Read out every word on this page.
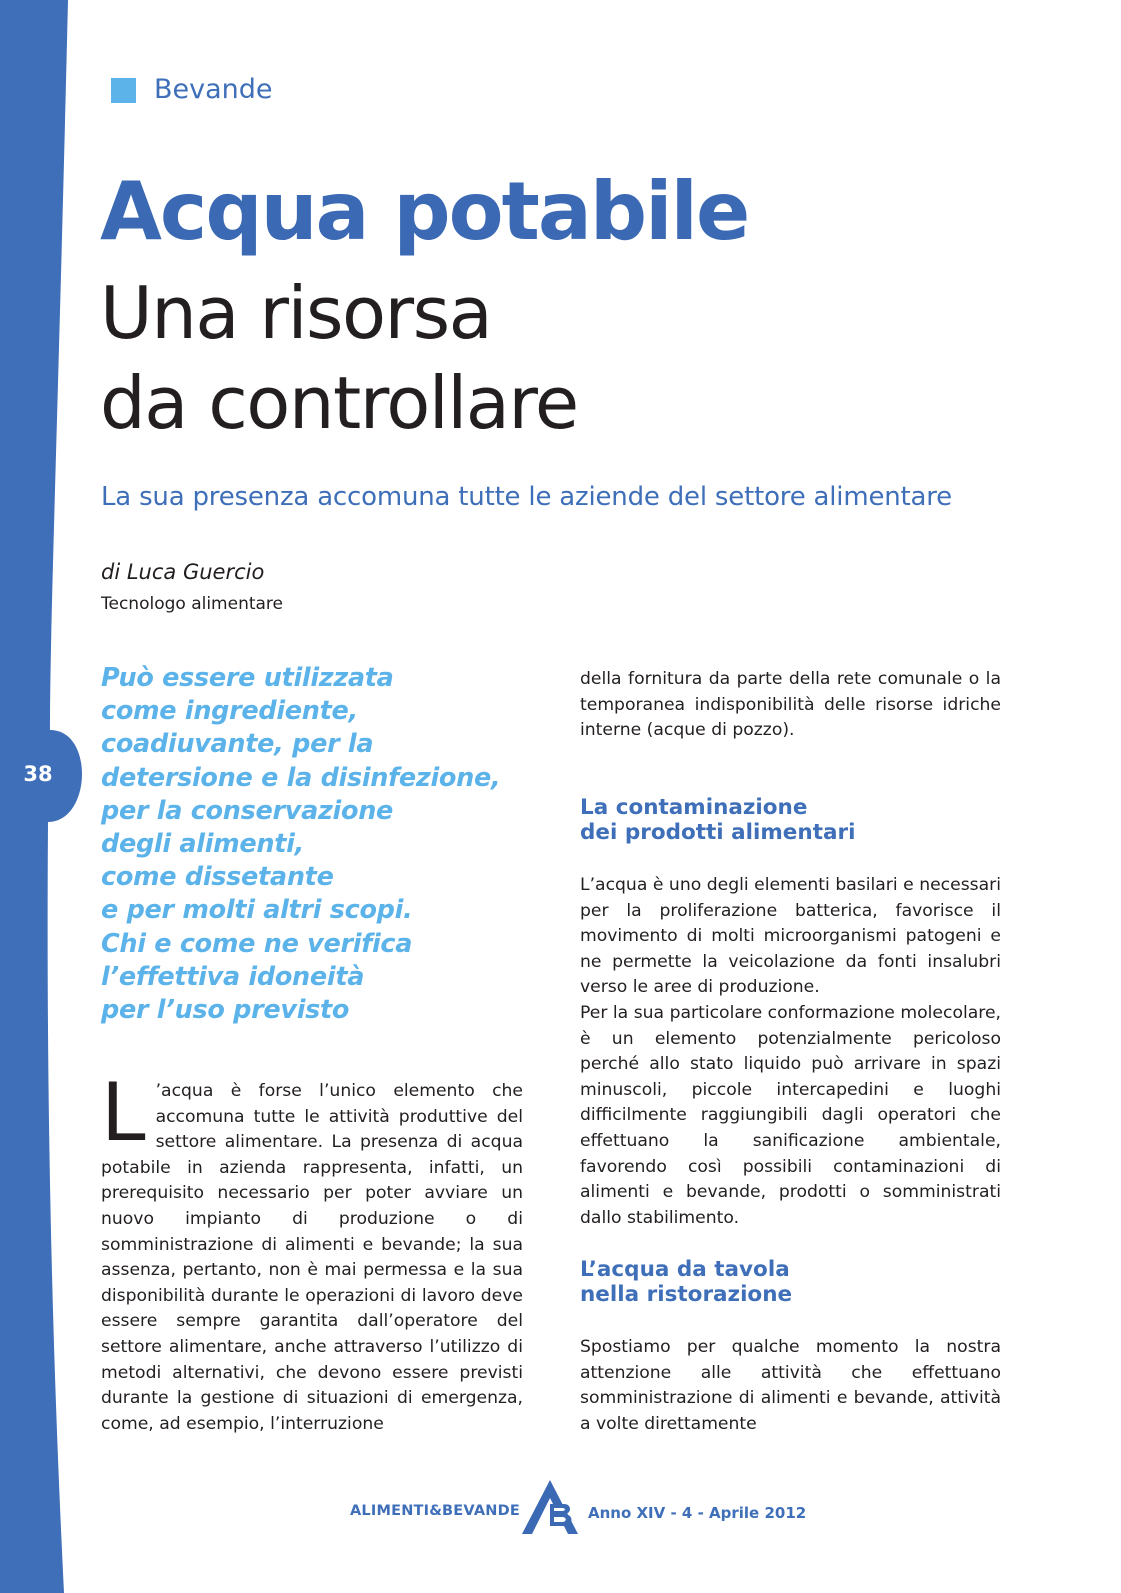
38
Bevande
Acqua potabile
Una risorsa
da controllare
La sua presenza accomuna tutte le aziende del settore alimentare
di Luca Guercio
Tecnologo alimentare
Può essere utilizzata
come ingrediente,
coadiuvante, per la
detersione e la disinfezione,
per la conservazione
degli alimenti,
come dissetante
e per molti altri scopi.
Chi e come ne verifica
l’effettiva idoneità
per l’uso previsto
L ’acqua è forse l’unico elemento che accomuna tutte le attività produttive del settore alimentare. La presenza di acqua potabile in azienda rappresenta, infatti, un prerequisito necessario per poter avviare un nuovo impianto di produzione o di somministrazione di alimenti e bevande; la sua assenza, pertanto, non è mai permessa e la sua disponibilità durante le operazioni di lavoro deve essere sempre garantita dall’operatore del settore alimentare, anche attraverso l’utilizzo di metodi alternativi, che devono essere previsti durante la gestione di situazioni di emergenza, come, ad esempio, l’interruzione

della fornitura da parte della rete comunale o la temporanea indisponibilità delle risorse idriche interne (acque di pozzo).

La contaminazione
dei prodotti alimentari

L’acqua è uno degli elementi basilari e necessari per la proliferazione batterica, favorisce il movimento di molti microorganismi patogeni e ne permette la veicolazione da fonti insalubri verso le aree di produzione.

Per la sua particolare conformazione molecolare, è un elemento potenzialmente pericoloso perché allo stato liquido può arrivare in spazi minuscoli, piccole intercapedini e luoghi difficilmente raggiungibili dagli operatori che effettuano la sanificazione ambientale, favorendo così possibili contaminazioni di alimenti e bevande, prodotti o somministrati dallo stabilimento.

L’acqua da tavola
nella ristorazione

Spostiamo per qualche momento la nostra attenzione alle attività che effettuano somministrazione di alimenti e bevande, attività a volte direttamente

ALIMENTI&BEVANDE	Anno XIV - 4 - Aprile 2012
